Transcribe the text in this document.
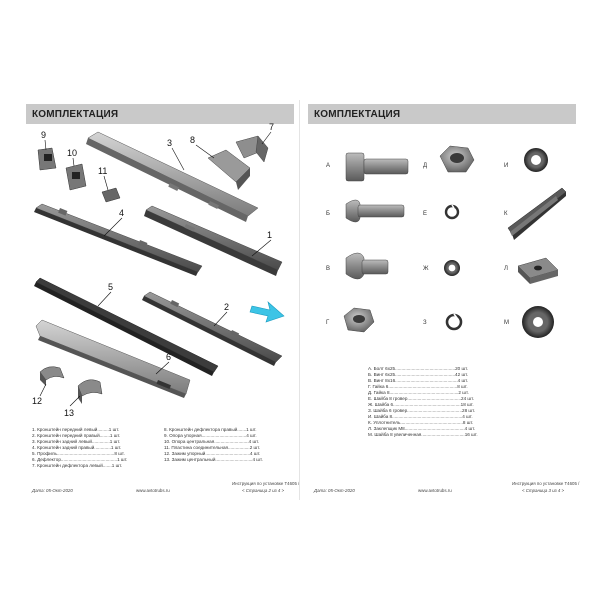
КОМПЛЕКТАЦИЯ
1
2
3
4
5
6
7
8
9
10
11
12
13
1. Кронштейн передний левый.........1 шт.
2. Кронштейн передний правый........1 шт.
3. Кронштейн задний левый..............1 шт.
4. Кронштейн задний правый.............1 шт.
5. Профиль.............................................8 шт.
6. Дефлектор............................................1 шт.
7. Кронштейн дефлектора левый.......1 шт.
8. Кронштейн дефлектора правый.......1 шт.
9. Опора упорная...................................4 шт.
10. Опора центральная...........................4 шт.
11. Пластина соединительная.................2 шт.
12. Зажим упорный...................................4 шт.
13. Зажим центральный.............................4 шт.
Дата: 05-Окт-2020	www.avtotrubs.ru
Инструкция по установке T4605 /
< Страница 2 из 4 >
КОМПЛЕКТАЦИЯ
А
Б
В
Г
Д
Е
Ж
З
И
К
Л
М
А. Болт 6х25...............................................20 шт.
Б. Винт 6х25...............................................42 шт.
В. Винт 8х16.................................................4 шт.
Г. Гайка 6......................................................8 шт.
Д. Гайка 8......................................................2 шт.
Е. Шайба 8 гровер..........................................24 шт.
Ж. Шайба 6.....................................................18 шт.
З. Шайба 6 гровер...........................................28 шт.
И. Шайба 8.......................................................4 шт.
К. Уплотнитель.................................................8 шт.
Л. Заклепщик М8...............................................4 шт.
М. Шайба 8 увеличенная..................................16 шт.
Дата: 05-Окт-2020	www.avtotrubs.ru
Инструкция по установке T4605 /
< Страница 3 из 4 >
